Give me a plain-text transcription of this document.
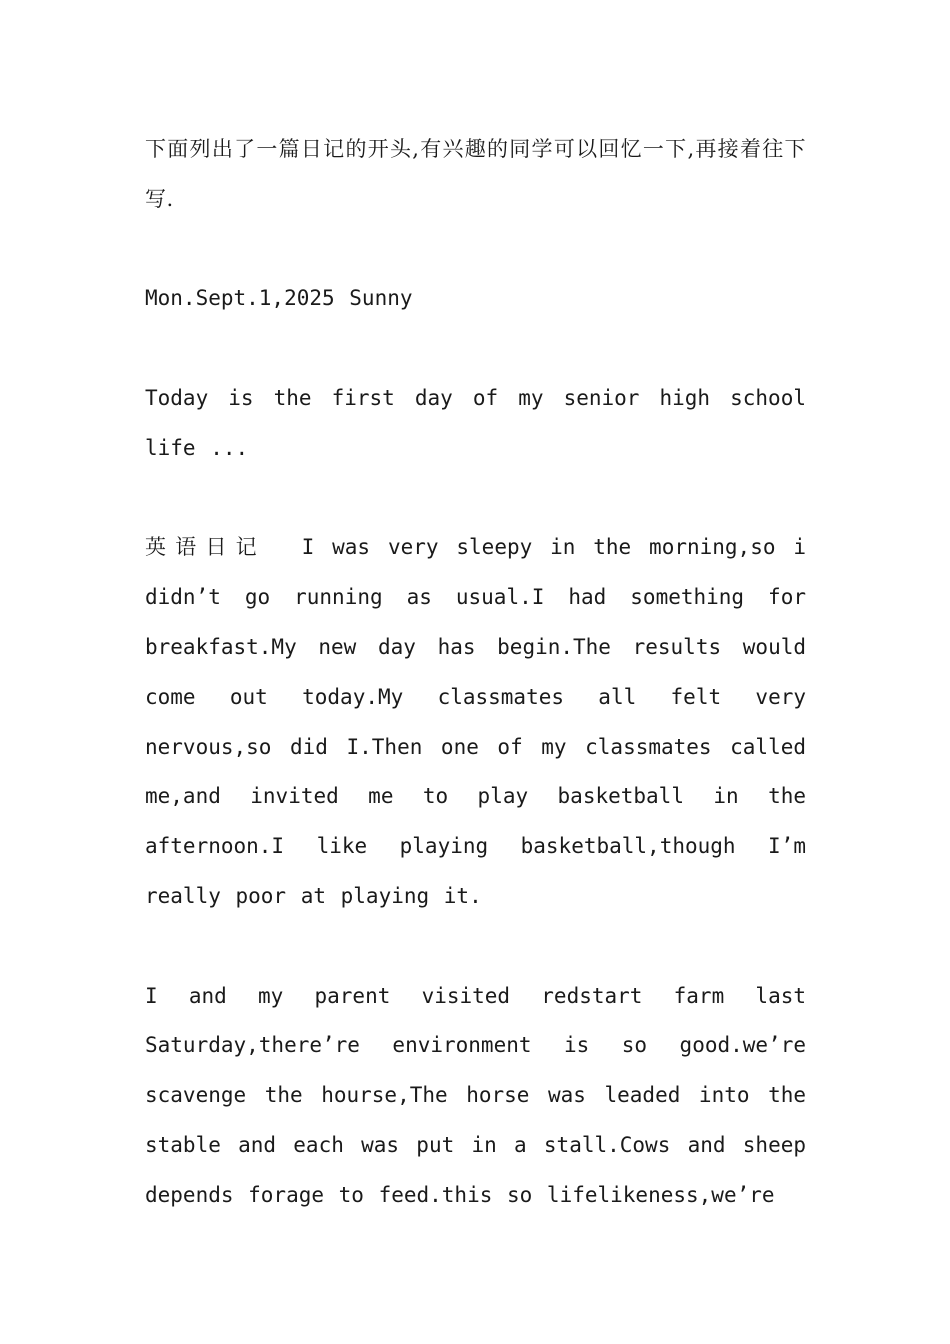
下面列出了一篇日记的开头,有兴趣的同学可以回忆一下,再接着往下写.

Mon.Sept.1,2025 Sunny

Today is the first day of my senior high school life ...

英语日记 I was very sleepy in the morning,so i didn’t go running as usual.I had something for breakfast.My new day has begin.The results would come out today.My classmates all felt very nervous,so did I.Then one of my classmates called me,and invited me to play basketball in the afternoon.I like playing basketball,though I’m really poor at playing it.

I and my parent visited redstart farm last Saturday,there’re environment is so good.we’re scavenge the hourse,The horse was leaded into the stable and each was put in a stall.Cows and sheep depends forage to feed.this so lifelikeness,we’re
